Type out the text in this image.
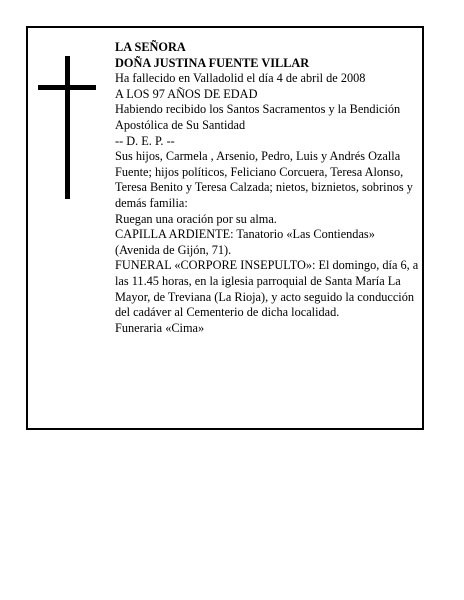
LA SEÑORA

DOÑA JUSTINA FUENTE VILLAR

Ha fallecido en Valladolid el día 4 de abril de 2008

A LOS 97 AÑOS DE EDAD

Habiendo recibido los Santos Sacramentos y la Bendición Apostólica de Su Santidad

-- D. E. P. --

Sus hijos, Carmela , Arsenio, Pedro, Luis y Andrés Ozalla Fuente; hijos políticos, Feliciano Corcuera, Teresa Alonso, Teresa Benito y Teresa Calzada; nietos, biznietos, sobrinos y demás familia:

Ruegan una oración por su alma.

CAPILLA ARDIENTE: Tanatorio «Las Contiendas» (Avenida de Gijón, 71).

FUNERAL «CORPORE INSEPULTO»: El domingo, día 6, a las 11.45 horas, en la iglesia parroquial de Santa María La Mayor, de Treviana (La Rioja), y acto seguido la conducción del cadáver al Cementerio de dicha localidad.

Funeraria «Cima»
